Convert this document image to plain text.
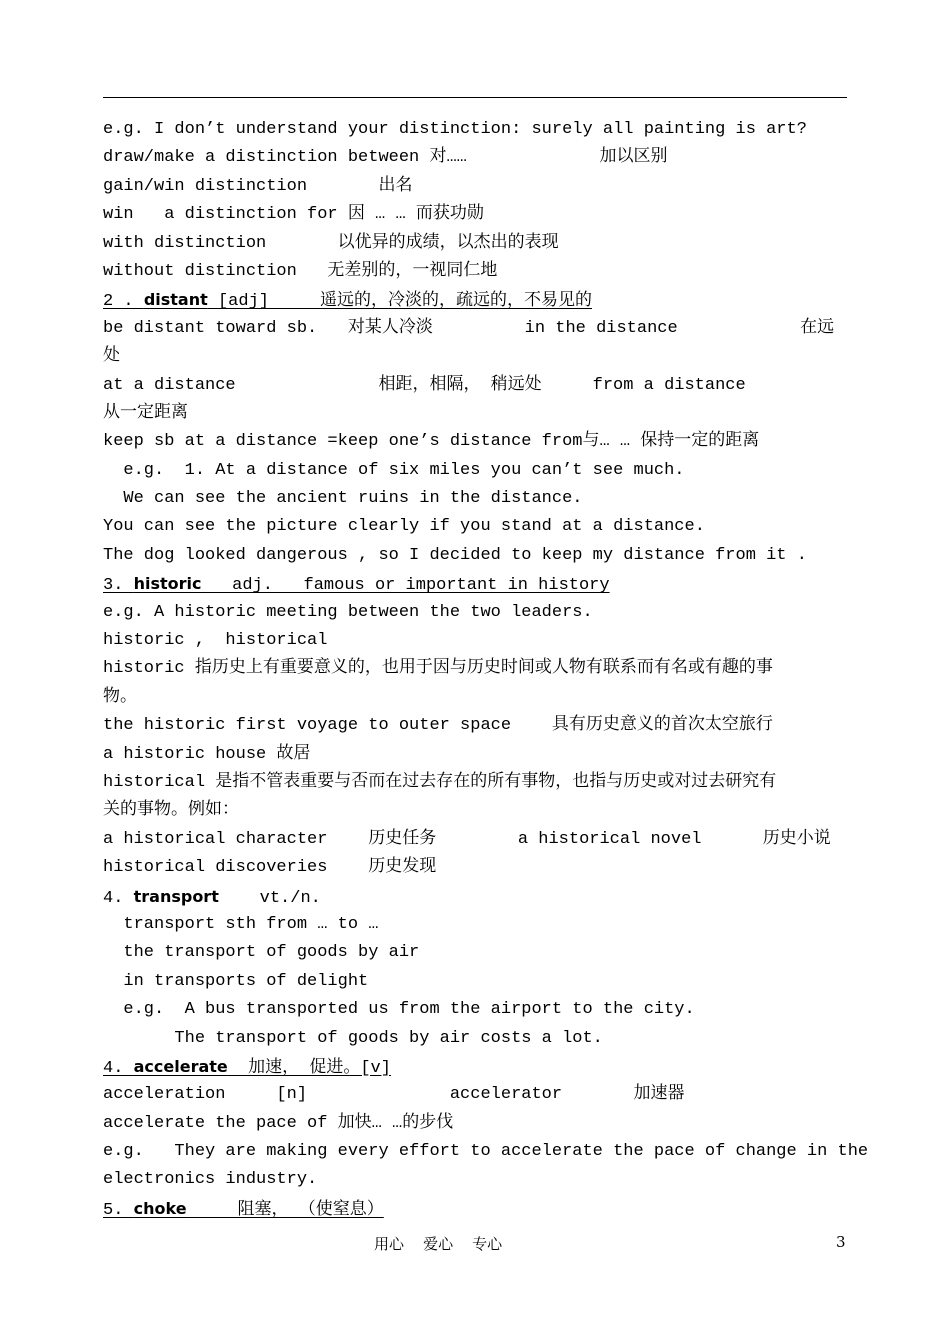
e.g. I don’t understand your distinction: surely all painting is art?
draw/make a distinction between 对……             加以区别
gain/win distinction       出名
win   a distinction for 因 … … 而获功勋
with distinction       以优异的成绩，以杰出的表现
without distinction   无差别的，一视同仁地
2 . distant [adj]     遥远的，冷淡的，疏远的，不易见的
be distant toward sb.   对某人冷淡         in the distance            在远
处
at a distance              相距，相隔， 稍远处     from a distance
从一定距离
keep sb at a distance =keep one’s distance from与… … 保持一定的距离
e.g.  1. At a distance of six miles you can’t see much.
We can see the ancient ruins in the distance.
You can see the picture clearly if you stand at a distance.
The dog looked dangerous , so I decided to keep my distance from it .
3. historic   adj.   famous or important in history
e.g. A historic meeting between the two leaders.
historic ,  historical
historic 指历史上有重要意义的，也用于因与历史时间或人物有联系而有名或有趣的事
物。
the historic first voyage to outer space    具有历史意义的首次太空旅行
a historic house 故居
historical 是指不管表重要与否而在过去存在的所有事物，也指与历史或对过去研究有
关的事物。例如：
a historical character    历史任务        a historical novel      历史小说
historical discoveries    历史发现
4. transport    vt./n.
transport sth from … to …
the transport of goods by air
in transports of delight
e.g.  A bus transported us from the airport to the city.
The transport of goods by air costs a lot.
4. accelerate  加速， 促进。[v]
acceleration     [n]              accelerator       加速器
accelerate the pace of 加快… …的步伐
e.g.   They are making every effort to accelerate the pace of change in the
electronics industry.
5. choke     阻塞， （使窒息）
用心    爱心    专心	3
